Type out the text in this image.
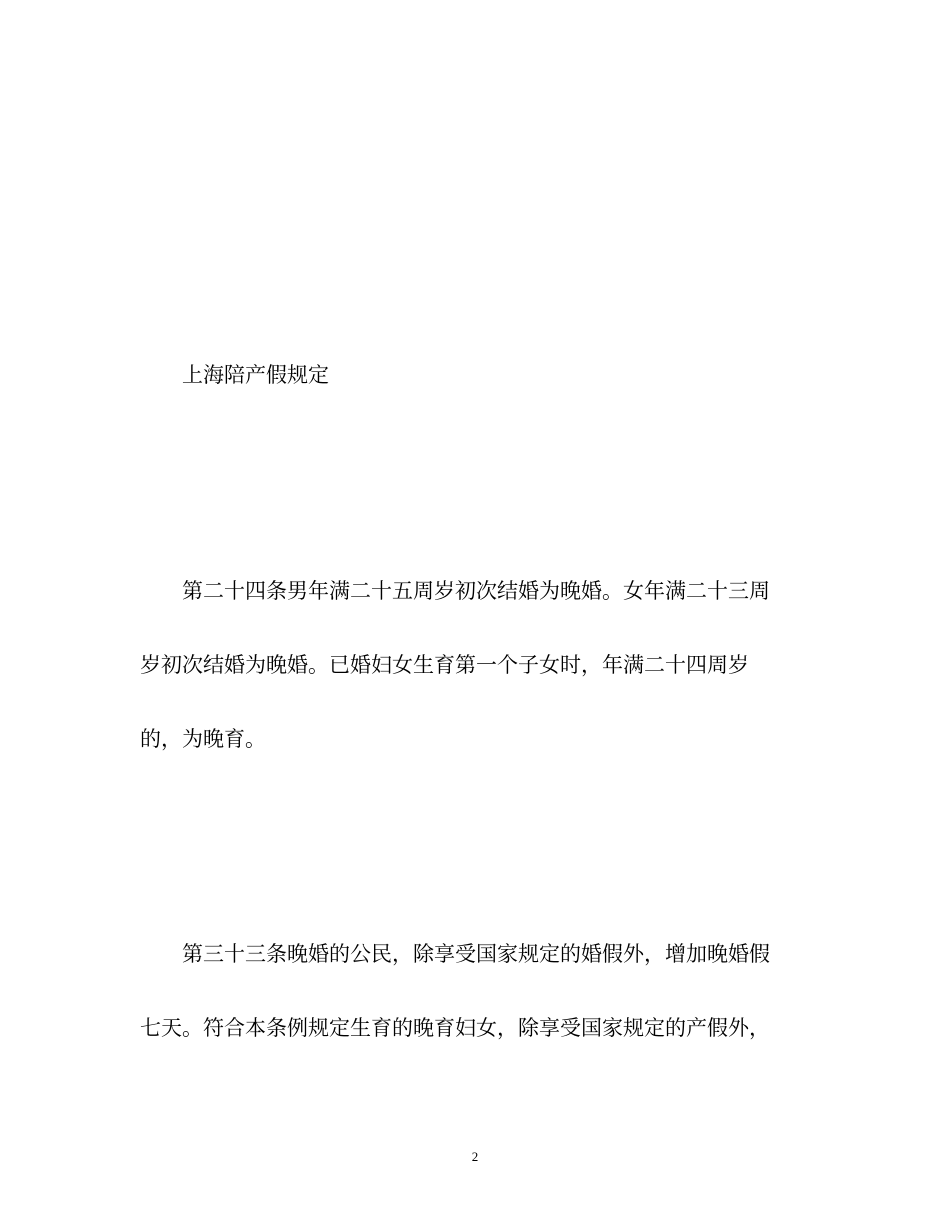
上海陪产假规定
第二十四条男年满二十五周岁初次结婚为晚婚。女年满二十三周
岁初次结婚为晚婚。已婚妇女生育第一个子女时，年满二十四周岁
的，为晚育。
第三十三条晚婚的公民，除享受国家规定的婚假外，增加晚婚假
七天。符合本条例规定生育的晚育妇女，除享受国家规定的产假外，
2
